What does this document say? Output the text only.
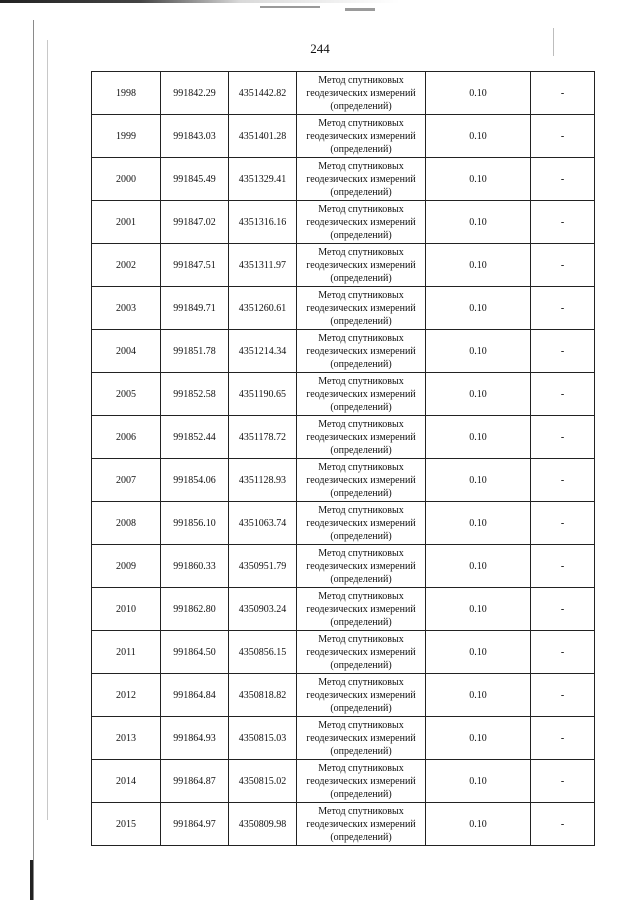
244
1998	991842.29	4351442.82	Метод спутниковых
геодезических измерений
(определений)	0.10	-
1999	991843.03	4351401.28	Метод спутниковых
геодезических измерений
(определений)	0.10	-
2000	991845.49	4351329.41	Метод спутниковых
геодезических измерений
(определений)	0.10	-
2001	991847.02	4351316.16	Метод спутниковых
геодезических измерений
(определений)	0.10	-
2002	991847.51	4351311.97	Метод спутниковых
геодезических измерений
(определений)	0.10	-
2003	991849.71	4351260.61	Метод спутниковых
геодезических измерений
(определений)	0.10	-
2004	991851.78	4351214.34	Метод спутниковых
геодезических измерений
(определений)	0.10	-
2005	991852.58	4351190.65	Метод спутниковых
геодезических измерений
(определений)	0.10	-
2006	991852.44	4351178.72	Метод спутниковых
геодезических измерений
(определений)	0.10	-
2007	991854.06	4351128.93	Метод спутниковых
геодезических измерений
(определений)	0.10	-
2008	991856.10	4351063.74	Метод спутниковых
геодезических измерений
(определений)	0.10	-
2009	991860.33	4350951.79	Метод спутниковых
геодезических измерений
(определений)	0.10	-
2010	991862.80	4350903.24	Метод спутниковых
геодезических измерений
(определений)	0.10	-
2011	991864.50	4350856.15	Метод спутниковых
геодезических измерений
(определений)	0.10	-
2012	991864.84	4350818.82	Метод спутниковых
геодезических измерений
(определений)	0.10	-
2013	991864.93	4350815.03	Метод спутниковых
геодезических измерений
(определений)	0.10	-
2014	991864.87	4350815.02	Метод спутниковых
геодезических измерений
(определений)	0.10	-
2015	991864.97	4350809.98	Метод спутниковых
геодезических измерений
(определений)	0.10	-
